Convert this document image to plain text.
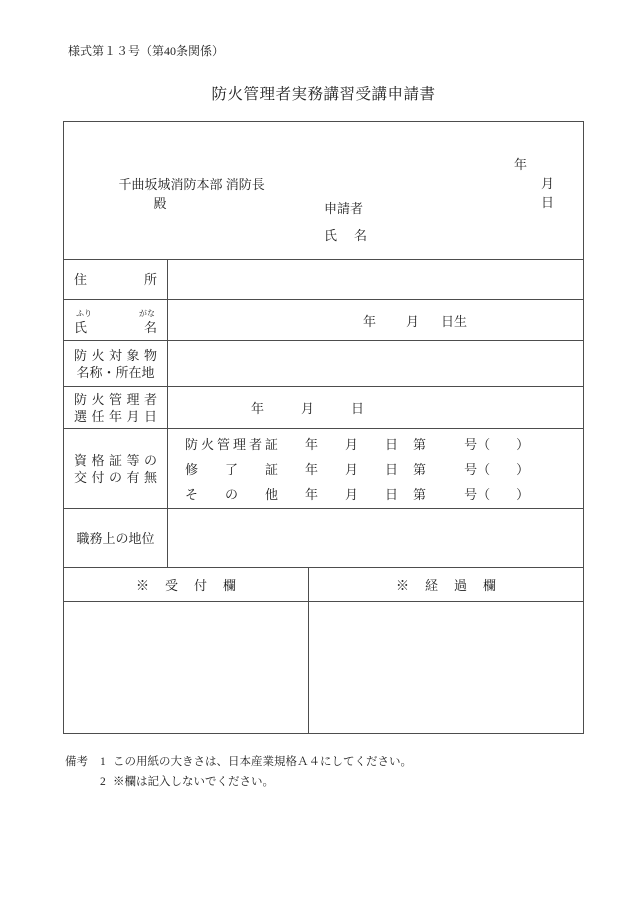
様式第１３号（第40条関係）
防火管理者実務講習受講申請書

年
月
日

千曲坂城消防本部 消防長
殿
	申請者
氏　名
住	所
ふり	がな
氏	名	年 月 日生
防 火 対 象 物
名称・所在地
防 火 管 理 者
選 任 年 月 日	年	月	日
資 格 証 等 の
交 付 の 有 無
防 火 管 理 者 証 年 月 日 第	号（　　）
修 了 証 年 月 日 第	号（　　）
そ の 他 年 月 日 第	号（　　）
職務上の地位
※受付欄	※経過欄
備考	1 この用紙の大きさは、日本産業規格Ａ４にしてください。
2 ※欄は記入しないでください。
